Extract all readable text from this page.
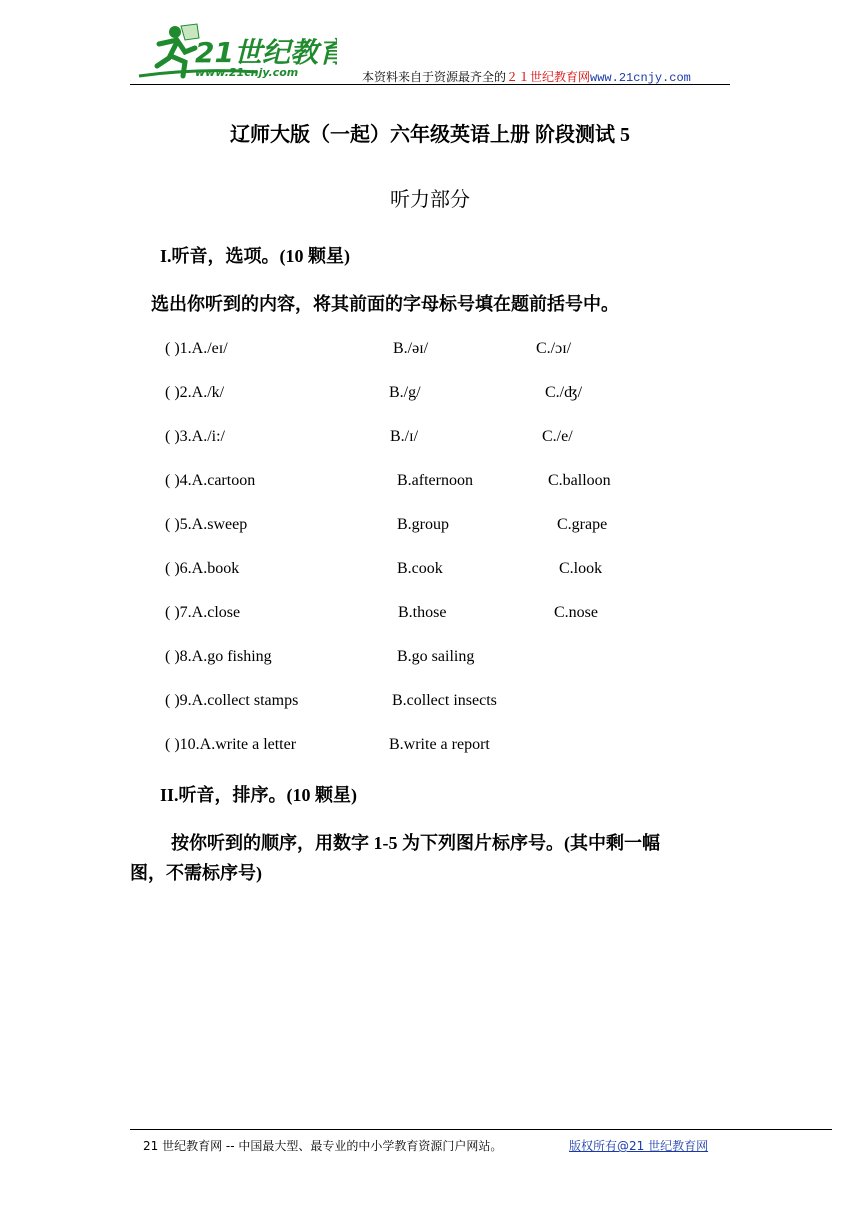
21世纪教育
www.21cnjy.com	本资料来自于资源最齐全的２１世纪教育网www.21cnjy.com
辽师大版（一起）六年级英语上册 阶段测试 5
听力部分
I.听音，选项。(10 颗星)
选出你听到的内容，将其前面的字母标号填在题前括号中。
( )1.A./eɪ/	B./əɪ/	C./ɔɪ/
( )2.A./k/	B./g/	C./ʤ/
( )3.A./i:/	B./ɪ/	C./e/
( )4.A.cartoon	B.afternoon	C.balloon
( )5.A.sweep	B.group	C.grape
( )6.A.book	B.cook	C.look
( )7.A.close	B.those	C.nose
( )8.A.go fishing	B.go sailing
( )9.A.collect stamps	B.collect insects
( )10.A.write a letter	B.write a report
II.听音，排序。(10 颗星)
按你听到的顺序，用数字 1-5 为下列图片标序号。(其中剩一幅
图，不需标序号)
21 世纪教育网 -- 中国最大型、最专业的中小学教育资源门户网站。	版权所有@21 世纪教育网
